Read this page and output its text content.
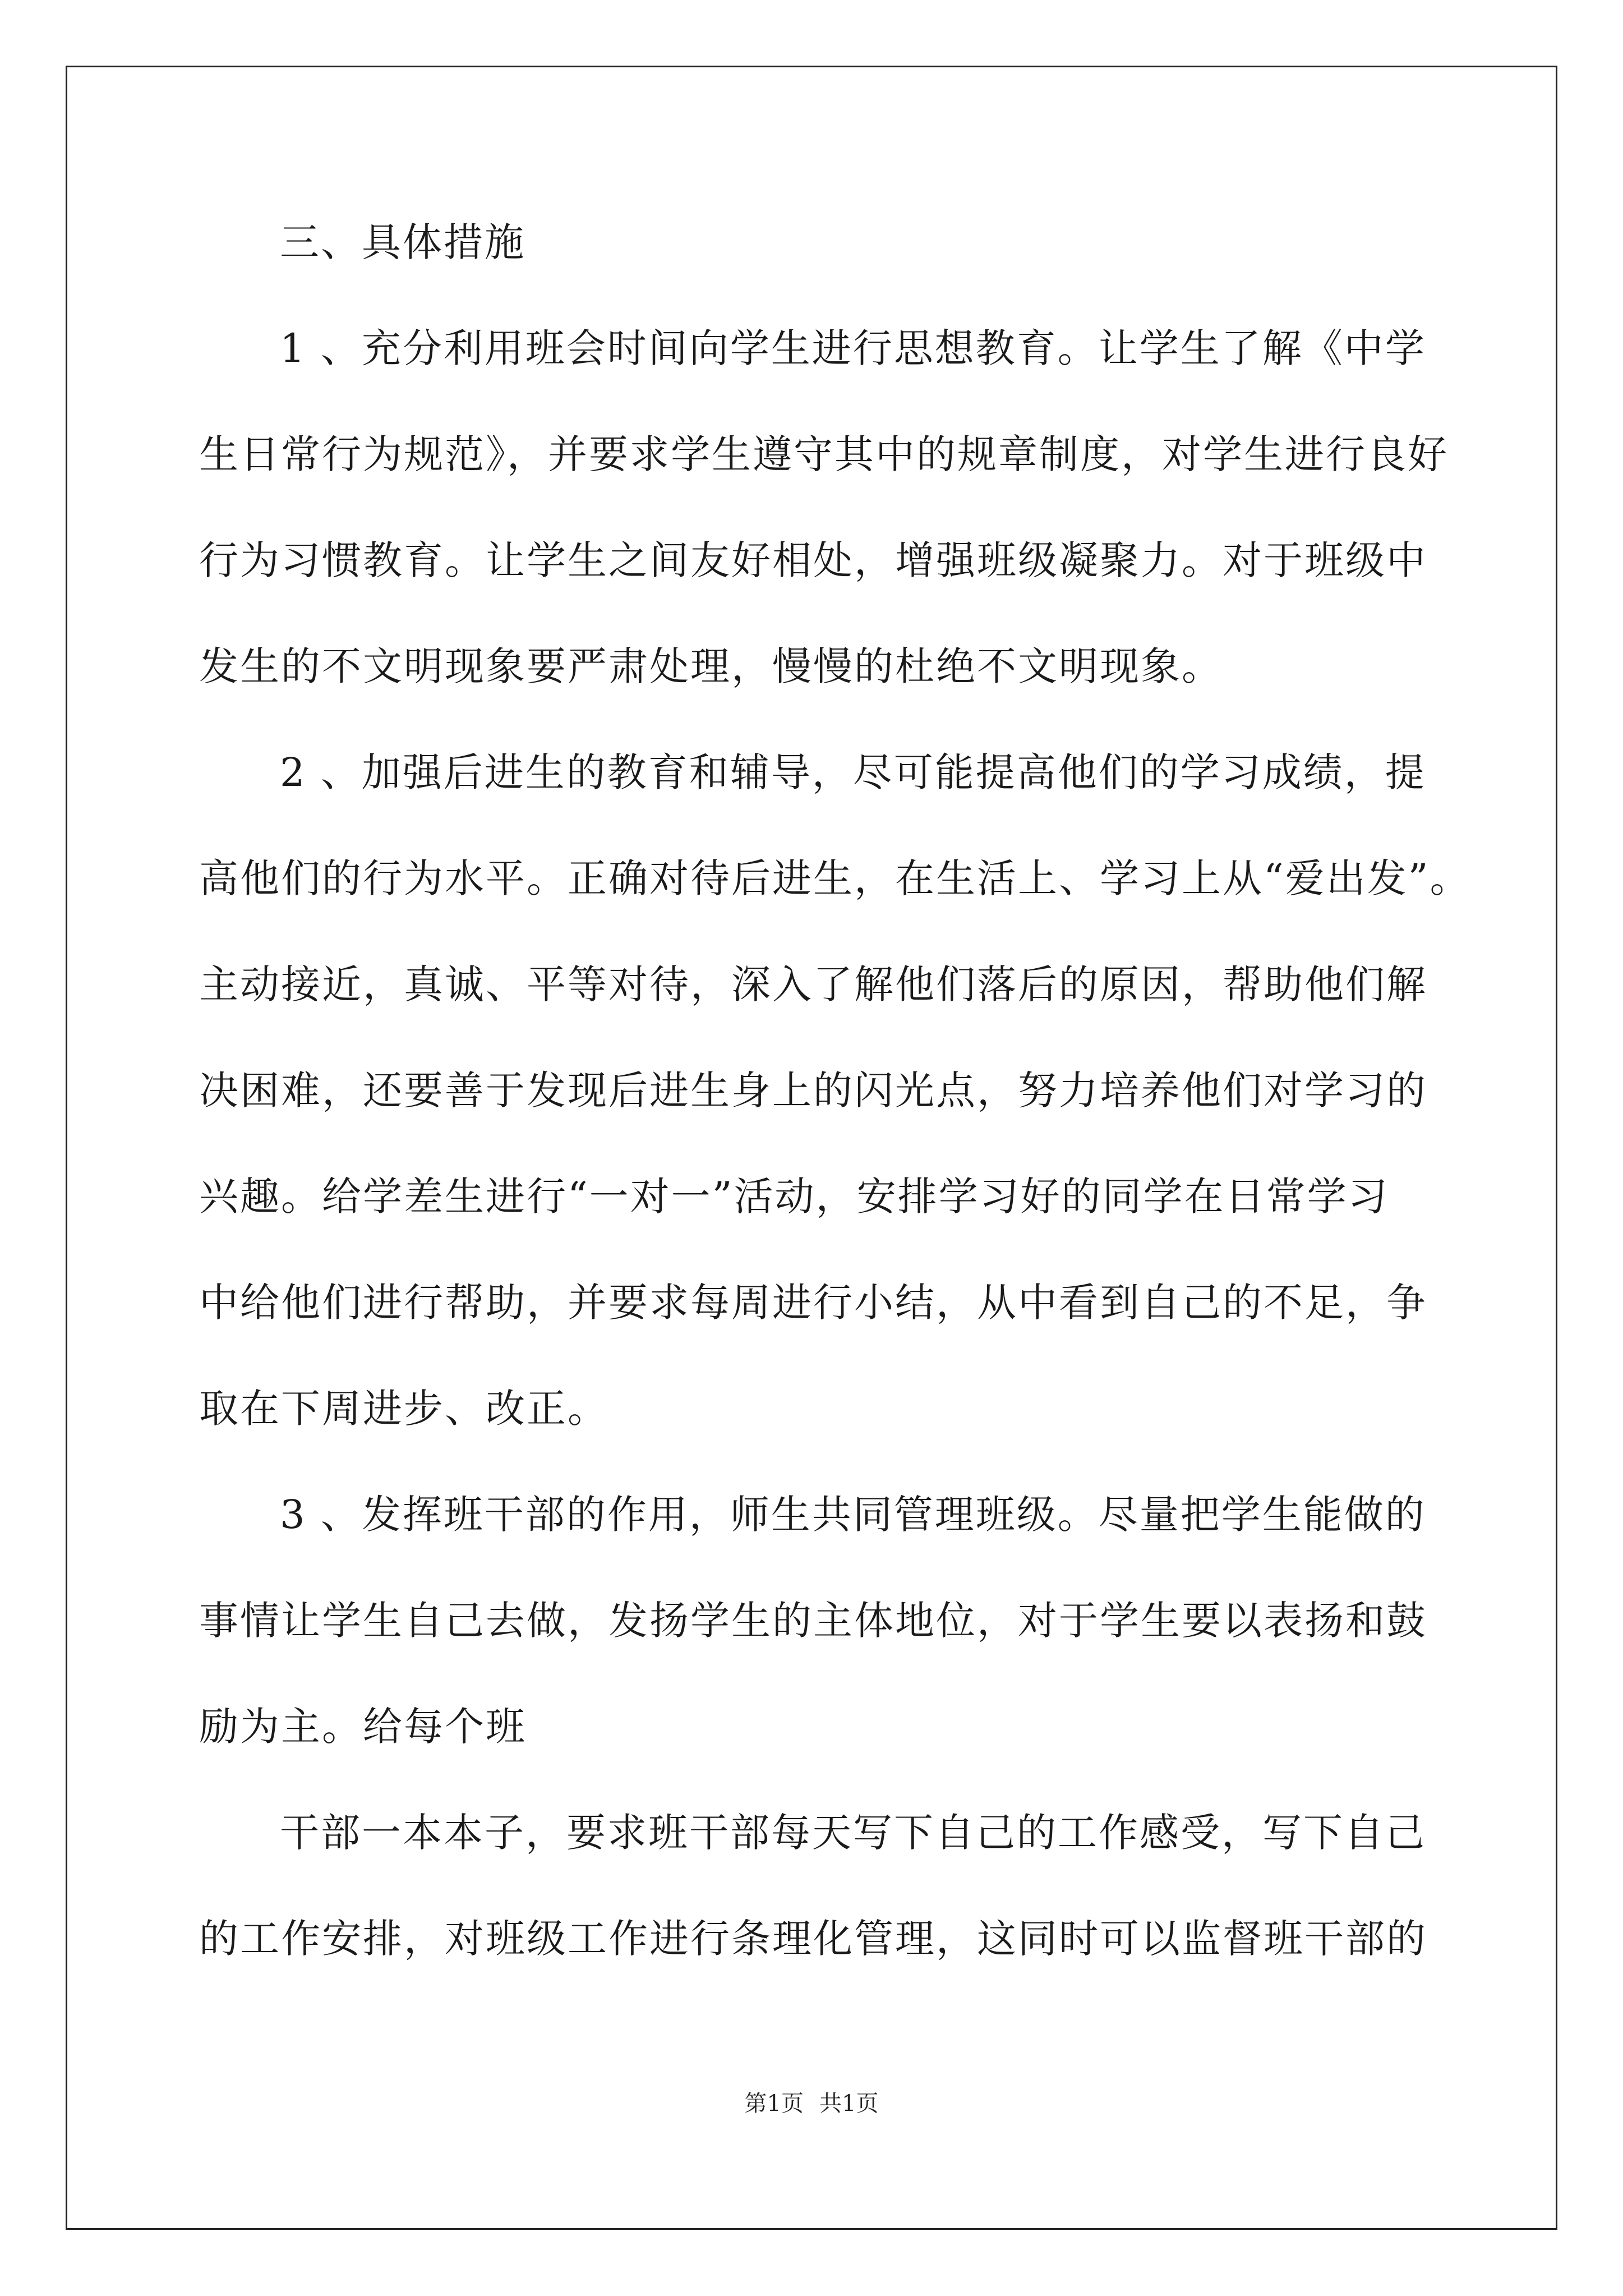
三、具体措施
1 、充分利用班会时间向学生进行思想教育。让学生了解《中学
生日常行为规范》，并要求学生遵守其中的规章制度，对学生进行良好
行为习惯教育。让学生之间友好相处，增强班级凝聚力。对于班级中
发生的不文明现象要严肃处理，慢慢的杜绝不文明现象。
2 、加强后进生的教育和辅导，尽可能提高他们的学习成绩，提
高他们的行为水平。正确对待后进生，在生活上、学习上从“爱出发”。
主动接近，真诚、平等对待，深入了解他们落后的原因，帮助他们解
决困难，还要善于发现后进生身上的闪光点，努力培养他们对学习的
兴趣。给学差生进行“一对一”活动，安排学习好的同学在日常学习
中给他们进行帮助，并要求每周进行小结，从中看到自己的不足，争
取在下周进步、改正。
3 、发挥班干部的作用，师生共同管理班级。尽量把学生能做的
事情让学生自己去做，发扬学生的主体地位，对于学生要以表扬和鼓
励为主。给每个班
干部一本本子，要求班干部每天写下自己的工作感受，写下自己
的工作安排，对班级工作进行条理化管理，这同时可以监督班干部的
第1页 共1页
